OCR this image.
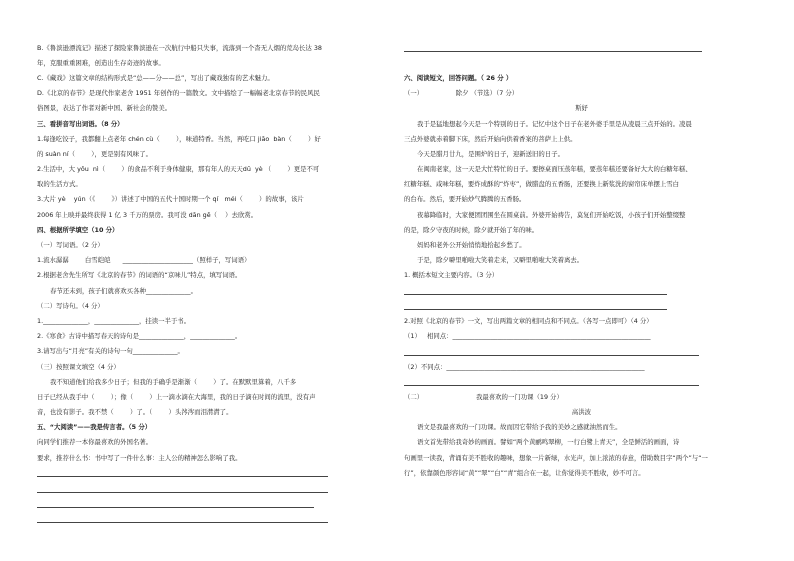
B.《鲁滨逊漂流记》描述了探险家鲁滨逊在一次航行中船只失事，流落到一个杳无人烟的荒岛长达 38
年，克服重重困难，创造出生存奇迹的故事。
C.《藏戏》这篇文章的结构形式是“总——分——总”，写出了藏戏独有的艺术魅力。
D.《北京的春节》是现代作家老舍 1951 年创作的一篇散文。文中描绘了一幅幅老北京春节的民风民
俗图景，表达了作者对新中国、新社会的赞美。
三、看拼音写出词语。（8 分）
1.每逢吃饺子，我都翻上点老年 chén cù（        ），味道特香。当然，再吃口 jiāo  bàn（        ）好
的 suàn ní（        ），更是别有风味了。
2.生活中，大 yǒu  nì（        ）的食品不利于身体健康，那有年人的天天dū  yè （        ）更是不可
取的生活方式。
3.大片 yè    yún（《        》）讲述了中国的五代十国时期一个 qí   méi（        ）的故事，该片
2006 年上映并最终获得 1 亿 3 千万的票房。我可没 dān gē（    ）去欣赏。
四、根据所学填空（10 分）
（一）写词语。（2 分）
1.流水潺潺        白雪皑皑      ______________________（照样子，写词语）
2.根据老舍先生所写《北京的春节》的词语的“京味儿”特点，填写词语。
春节还未到，孩子们就喜欢买各种______________。
（二）写诗句。（4 分）
1.______________，______________，挂读一半于书。
2.《寒食》古诗中描写春天的诗句是______________，______________。
3.请写出与“月亮”有关的诗句一句______________。
（三）按照课文填空（4 分）
我不知道他们给我多少日子；但我的手确乎是渐渐（        ）了。在默默里算着，八千多
日子已经从我手中（        ）；像（        ）上一滴水滴在大海里，我的日子滴在时间的流里，没有声
音，也没有影子。我不禁（        ）了。（        ）头涔涔而泪潸潸了。
五、“大阅读”——我是传言者。（5 分）
向同学们推荐一本你最喜欢的外国名著。
要求，推荐什么书：书中写了一件什么事：主人公的精神怎么影响了我。
六、阅读短文，回答问题。（ 26 分 ）
（一）                除夕 （节选）（7 分）
斯妤
我于是猛地想起今天是一个特别的日子。记忆中这个日子在老外婆手里是从凌晨三点开始的。凌晨
三点外婆就赤着脚下床，然后开始向供着香案的菩萨上上供。
今天是腊月廿九，是围炉的日子，迎新送旧的日子。
在闽南老家，这一天是大忙特忙的日子。要擦桌面压蒸年糕，要蒸年糕还要备好大大的白糖年糕、
红糖年糕、咸味年糕，要炸成酥的“炸枣”，做腊盘的五香肠，还要换上新浆洗的窗帘床单摆上雪白
的台布。然后，要开始炒气腾腾的五香肠。
夜幕降临时，大家便团团围坐在圆桌前。外婆开始祷告，莫复们开始吃饭，小孩子们开始整缀整
的是，除夕守夜的时候，除夕就开始了年的味。
妈妈和老外公开始悄悄地拾起乡愁了。
于是，除夕噼里啪啦大笑着走来，又噼里啪啦大笑着离去。
1. 概括本短文主要内容。（3 分）
2.对照《北京的春节》一文，写出两篇文章的相同点和不同点。（各写一点即可）（4 分）
（1）   相同点：______________________________________________________________
（2）不同点：______________________________________________________________
（二）                          我最喜欢的一门功课（19 分）
高洪波
语文是我最喜欢的一门功课。故而因它带给予我的美妙之感就油然而生。
语文首先带给我奇妙的画面。譬如“两个黄鹂鸣翠柳，一行白鹭上青天”，全是鲜活的画面，诗
句画里一读我，背诵有美不胜收的趣味，想象一片新绿，水光声，加上浓浓的春意，借助数目字“两个”与“一
行”，依靠颜色形容词“黄”“翠”“白”“青”组合在一起，让你觉得美不胜收，妙不可言。
